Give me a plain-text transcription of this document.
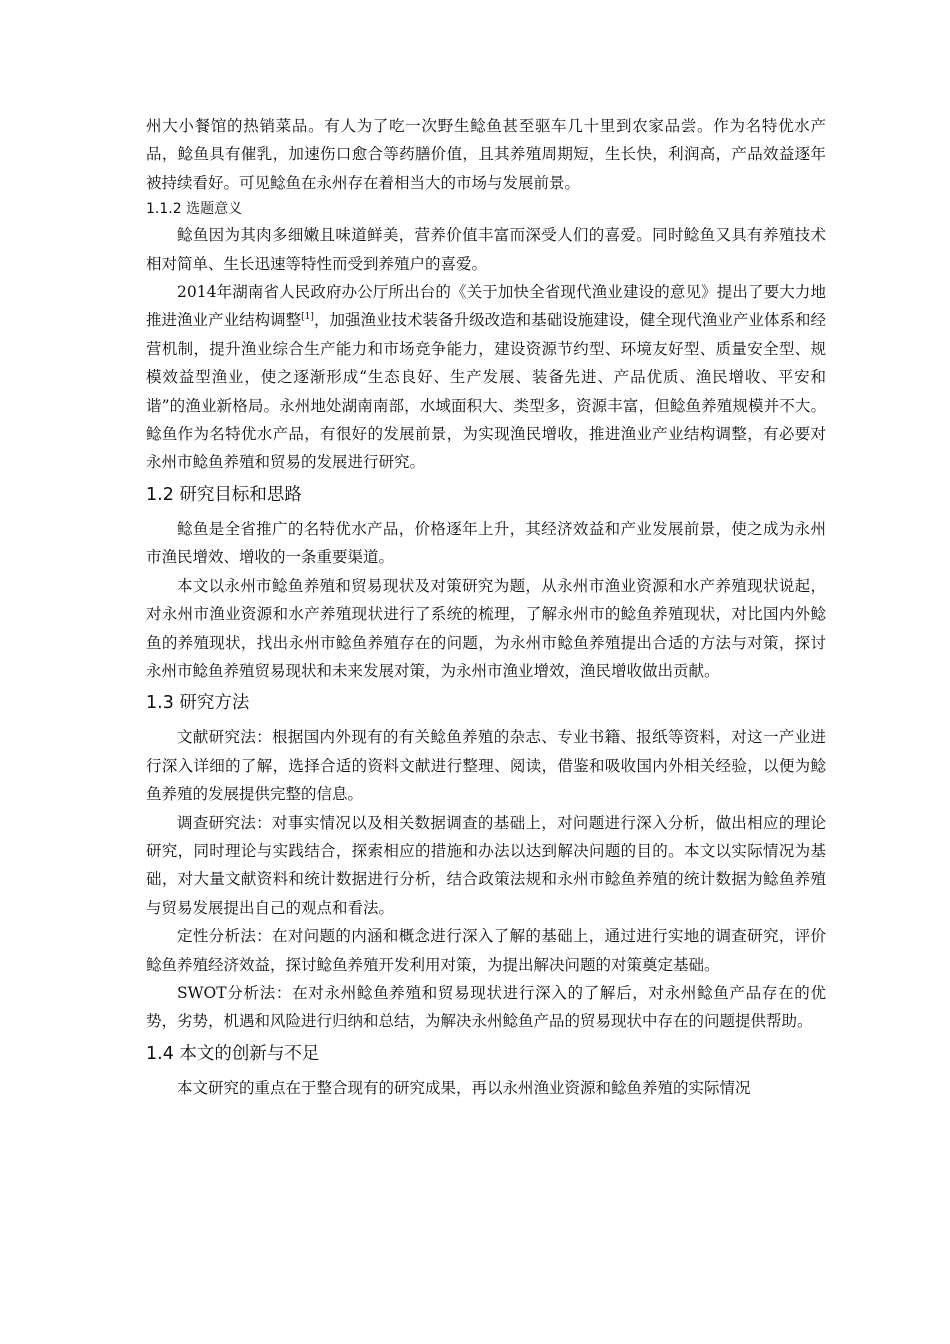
州大小餐馆的热销菜品。有人为了吃一次野生鲶鱼甚至驱车几十里到农家品尝。作为名特优水产品，鲶鱼具有催乳，加速伤口愈合等药膳价值，且其养殖周期短，生长快，利润高，产品效益逐年被持续看好。可见鲶鱼在永州存在着相当大的市场与发展前景。

1.1.2 选题意义

鲶鱼因为其肉多细嫩且味道鲜美，营养价值丰富而深受人们的喜爱。同时鲶鱼又具有养殖技术相对简单、生长迅速等特性而受到养殖户的喜爱。

2014年湖南省人民政府办公厅所出台的《关于加快全省现代渔业建设的意见》提出了要大力地推进渔业产业结构调整[1]，加强渔业技术装备升级改造和基础设施建设，健全现代渔业产业体系和经营机制，提升渔业综合生产能力和市场竞争能力，建设资源节约型、环境友好型、质量安全型、规模效益型渔业，使之逐渐形成“生态良好、生产发展、装备先进、产品优质、渔民增收、平安和谐”的渔业新格局。永州地处湖南南部，水域面积大、类型多，资源丰富，但鲶鱼养殖规模并不大。鲶鱼作为名特优水产品，有很好的发展前景，为实现渔民增收，推进渔业产业结构调整，有必要对永州市鲶鱼养殖和贸易的发展进行研究。

1.2 研究目标和思路

鲶鱼是全省推广的名特优水产品，价格逐年上升，其经济效益和产业发展前景，使之成为永州市渔民增效、增收的一条重要渠道。

本文以永州市鲶鱼养殖和贸易现状及对策研究为题，从永州市渔业资源和水产养殖现状说起，对永州市渔业资源和水产养殖现状进行了系统的梳理，了解永州市的鲶鱼养殖现状，对比国内外鲶鱼的养殖现状，找出永州市鲶鱼养殖存在的问题，为永州市鲶鱼养殖提出合适的方法与对策，探讨永州市鲶鱼养殖贸易现状和未来发展对策，为永州市渔业增效，渔民增收做出贡献。

1.3 研究方法

文献研究法：根据国内外现有的有关鲶鱼养殖的杂志、专业书籍、报纸等资料，对这一产业进行深入详细的了解，选择合适的资料文献进行整理、阅读，借鉴和吸收国内外相关经验，以便为鲶鱼养殖的发展提供完整的信息。

调查研究法：对事实情况以及相关数据调查的基础上，对问题进行深入分析，做出相应的理论研究，同时理论与实践结合，探索相应的措施和办法以达到解决问题的目的。本文以实际情况为基础，对大量文献资料和统计数据进行分析，结合政策法规和永州市鲶鱼养殖的统计数据为鲶鱼养殖与贸易发展提出自己的观点和看法。

定性分析法：在对问题的内涵和概念进行深入了解的基础上，通过进行实地的调查研究，评价鲶鱼养殖经济效益，探讨鲶鱼养殖开发利用对策，为提出解决问题的对策奠定基础。

SWOT分析法：在对永州鲶鱼养殖和贸易现状进行深入的了解后，对永州鲶鱼产品存在的优势，劣势，机遇和风险进行归纳和总结，为解决永州鲶鱼产品的贸易现状中存在的问题提供帮助。

1.4 本文的创新与不足

本文研究的重点在于整合现有的研究成果，再以永州渔业资源和鲶鱼养殖的实际情况
